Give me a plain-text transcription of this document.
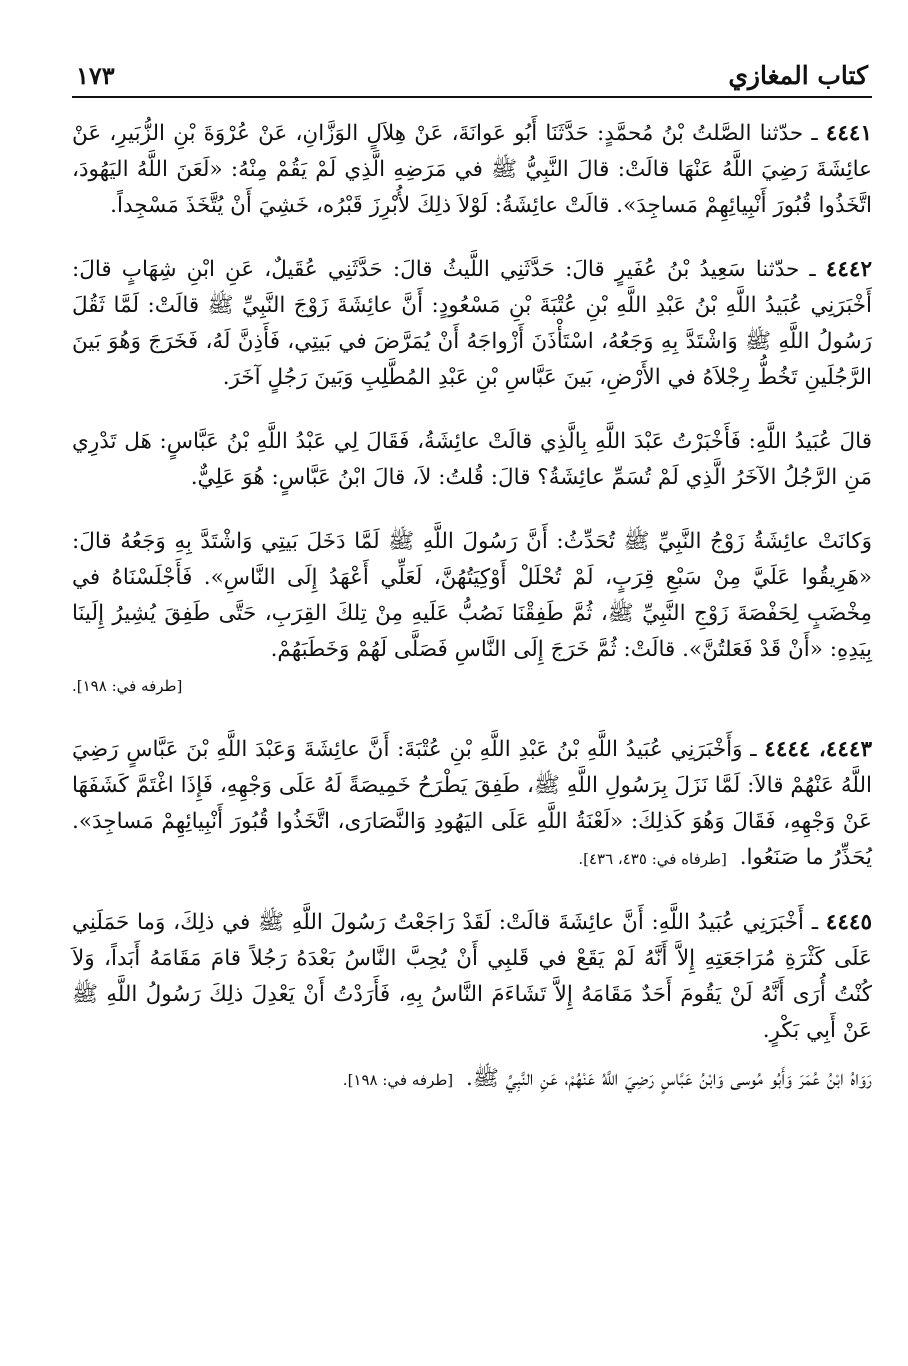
كتاب المغازي
١٧٣

٤٤٤١ ـ حدّثنا الصَّلتُ بْنُ مُحمَّدٍ: حَدَّثَنَا أَبُو عَوانَةَ، عَنْ هِلاَلٍ الوَزَّانِ، عَنْ عُرْوَةَ بْنِ الزُّبَيرِ، عَنْ عائِشَةَ رَضِيَ اللَّهُ عَنْهَا قالَتْ: قالَ النَّبِيُّ ﷺ في مَرَضِهِ الَّذِي لَمْ يَقُمْ مِنْهُ: «لَعَنَ اللَّهُ اليَهُودَ، اتَّخَذُوا قُبُورَ أَنْبِيائِهِمْ مَساجِدَ». قالَتْ عائِشَةُ: لَوْلاَ ذلِكَ لأُبْرِزَ قَبْرُه، خَشِيَ أَنْ يُتَّخَذَ مَسْجِداً.

٤٤٤٢ ـ حدّثنا سَعِيدُ بْنُ عُفَيرٍ قالَ: حَدَّثَنِي اللَّيثُ قالَ: حَدَّثَنِي عُقَيلٌ، عَنِ ابْنِ شِهَابٍ قالَ: أَخْبَرَنِي عُبَيدُ اللَّهِ بْنُ عَبْدِ اللَّهِ بْنِ عُتْبَةَ بْنِ مَسْعُودٍ: أَنَّ عائِشَةَ زَوْجَ النَّبِيِّ ﷺ قالَتْ: لَمَّا ثَقُلَ رَسُولُ اللَّهِ ﷺ وَاشْتَدَّ بِهِ وَجَعُهُ، اسْتَأْذَنَ أَزْواجَهُ أَنْ يُمَرَّضَ في بَيتِي، فَأَذِنَّ لَهُ، فَخَرَجَ وَهُوَ بَينَ الرَّجُلَينِ تَخُطُّ رِجْلاَهُ في الأَرْضِ، بَينَ عَبَّاسِ بْنِ عَبْدِ المُطَّلِبِ وَبَينَ رَجُلٍ آخَرَ.

قالَ عُبَيدُ اللَّهِ: فَأَخْبَرْتُ عَبْدَ اللَّهِ بِالَّذِي قالَتْ عائِشَةُ، فَقَالَ لِي عَبْدُ اللَّهِ بْنُ عَبَّاسٍ: هَل تَدْرِي مَنِ الرَّجُلُ الآخَرُ الَّذِي لَمْ تُسَمِّ عائِشَةُ؟ قالَ: قُلتُ: لاَ، قالَ ابْنُ عَبَّاسٍ: هُوَ عَلِيٌّ.

وَكانَتْ عائِشَةُ زَوْجُ النَّبِيِّ ﷺ تُحَدِّثُ: أَنَّ رَسُولَ اللَّهِ ﷺ لَمَّا دَخَلَ بَيتِي وَاشْتَدَّ بِهِ وَجَعُهُ قالَ: «هَرِيقُوا عَلَيَّ مِنْ سَبْعِ قِرَبٍ، لَمْ تُحْلَلْ أَوْكِيَتُهُنَّ، لَعَلِّي أَعْهَدُ إِلَى النَّاسِ». فَأَجْلَسْنَاهُ في مِخْضَبٍ لِحَفْصَةَ زَوْجِ النَّبِيِّ ﷺ، ثُمَّ طَفِقْنَا نَصُبُّ عَلَيهِ مِنْ تِلكَ القِرَبِ، حَتَّى طَفِقَ يُشِيرُ إِلَينَا بِيَدِهِ: «أَنْ قَدْ فَعَلتُنَّ». قالَتْ: ثُمَّ خَرَجَ إِلَى النَّاسِ فَصَلَّى لَهُمْ وَخَطَبَهُمْ.
[طرفه في: ١٩٨].

٤٤٤٣، ٤٤٤٤ ـ وَأَخْبَرَنِي عُبَيدُ اللَّهِ بْنُ عَبْدِ اللَّهِ بْنِ عُتْبَةَ: أَنَّ عائِشَةَ وَعَبْدَ اللَّهِ بْنَ عَبَّاسٍ رَضِيَ اللَّهُ عَنْهُمْ قالاَ: لَمَّا نَزَلَ بِرَسُولِ اللَّهِ ﷺ، طَفِقَ يَطْرَحُ خَمِيصَةً لَهُ عَلَى وَجْهِهِ، فَإِذَا اغْتَمَّ كَشَفَهَا عَنْ وَجْهِهِ، فَقَالَ وَهُوَ كَذلِكَ: «لَعْنَةُ اللَّهِ عَلَى اليَهُودِ وَالنَّصَارَى، اتَّخَذُوا قُبُورَ أَنْبِيائِهِمْ مَساجِدَ». يُحَذِّرُ ما صَنَعُوا. [طرفاه في: ٤٣٥، ٤٣٦].

٤٤٤٥ ـ أَخْبَرَنِي عُبَيدُ اللَّهِ: أَنَّ عائِشَةَ قالَتْ: لَقَدْ رَاجَعْتُ رَسُولَ اللَّهِ ﷺ في ذلِكَ، وَما حَمَلَنِي عَلَى كَثْرَةِ مُرَاجَعَتِهِ إِلاَّ أَنَّهُ لَمْ يَقَعْ في قَلبِي أَنْ يُحِبَّ النَّاسُ بَعْدَهُ رَجُلاً قامَ مَقَامَهُ أَبَداً، وَلاَ كُنْتُ أُرَى أَنَّهُ لَنْ يَقُومَ أَحَدٌ مَقَامَهُ إِلاَّ تَشَاءَمَ النَّاسُ بِهِ، فَأَرَدْتُ أَنْ يَعْدِلَ ذلِكَ رَسُولُ اللَّهِ ﷺ عَنْ أَبِي بَكْرٍ.

رَوَاهُ ابْنُ عُمَرَ وَأَبُو مُوسى وَابْنُ عَبَّاسٍ رَضِيَ اللَّهُ عَنْهُمْ، عَنِ النَّبِيِّ ﷺ. [طرفه في: ١٩٨].
